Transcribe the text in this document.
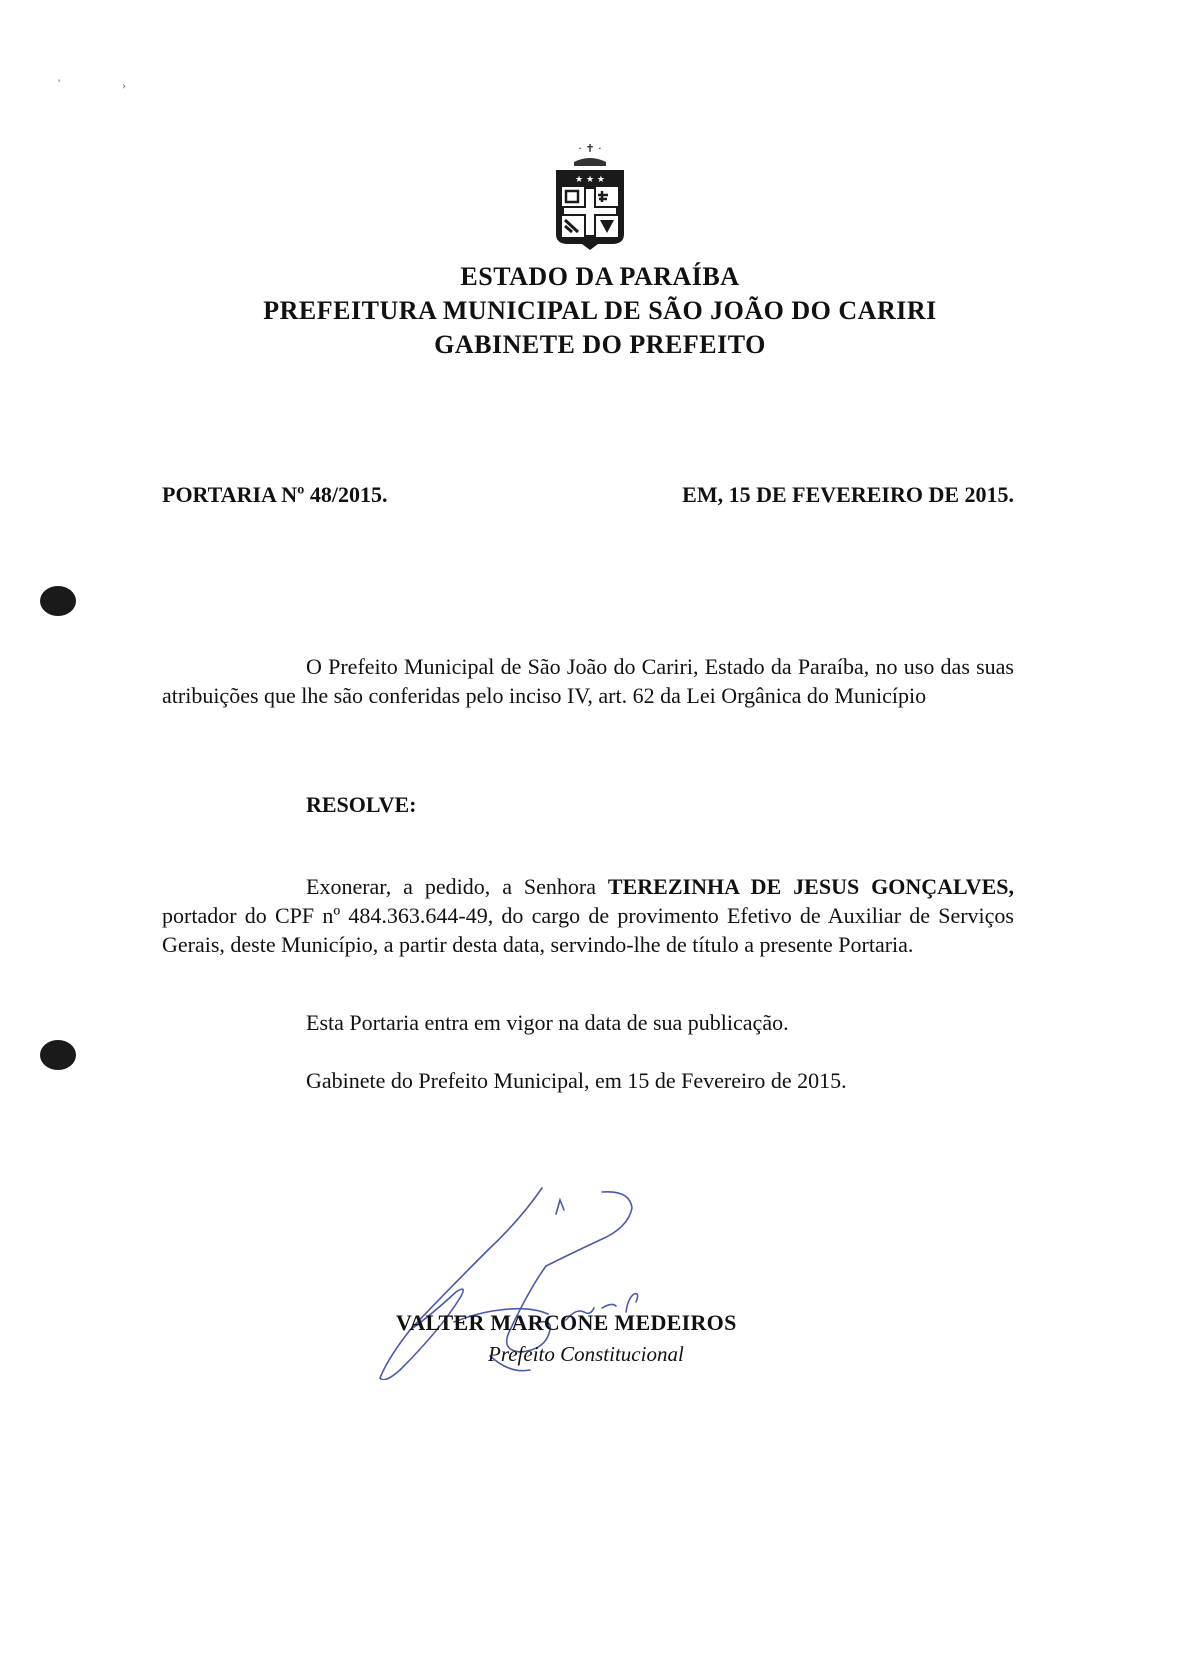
'	›
· ✝ ·
★ ★ ★
ESTADO DA PARAÍBA
PREFEITURA MUNICIPAL DE SÃO JOÃO DO CARIRI
GABINETE DO PREFEITO
PORTARIA Nº 48/2015.	EM, 15 DE FEVEREIRO DE 2015.
O Prefeito Municipal de São João do Cariri, Estado da Paraíba, no uso das suas atribuições que lhe são conferidas pelo inciso IV, art. 62 da Lei Orgânica do Município
RESOLVE:
Exonerar, a pedido, a Senhora TEREZINHA DE JESUS GONÇALVES, portador do CPF nº 484.363.644-49, do cargo de provimento Efetivo de Auxiliar de Serviços Gerais, deste Município, a partir desta data, servindo-lhe de título a presente Portaria.
Esta Portaria entra em vigor na data de sua publicação.
Gabinete do Prefeito Municipal, em 15 de Fevereiro de 2015.
VALTER MARCONE MEDEIROS
Prefeito Constitucional
